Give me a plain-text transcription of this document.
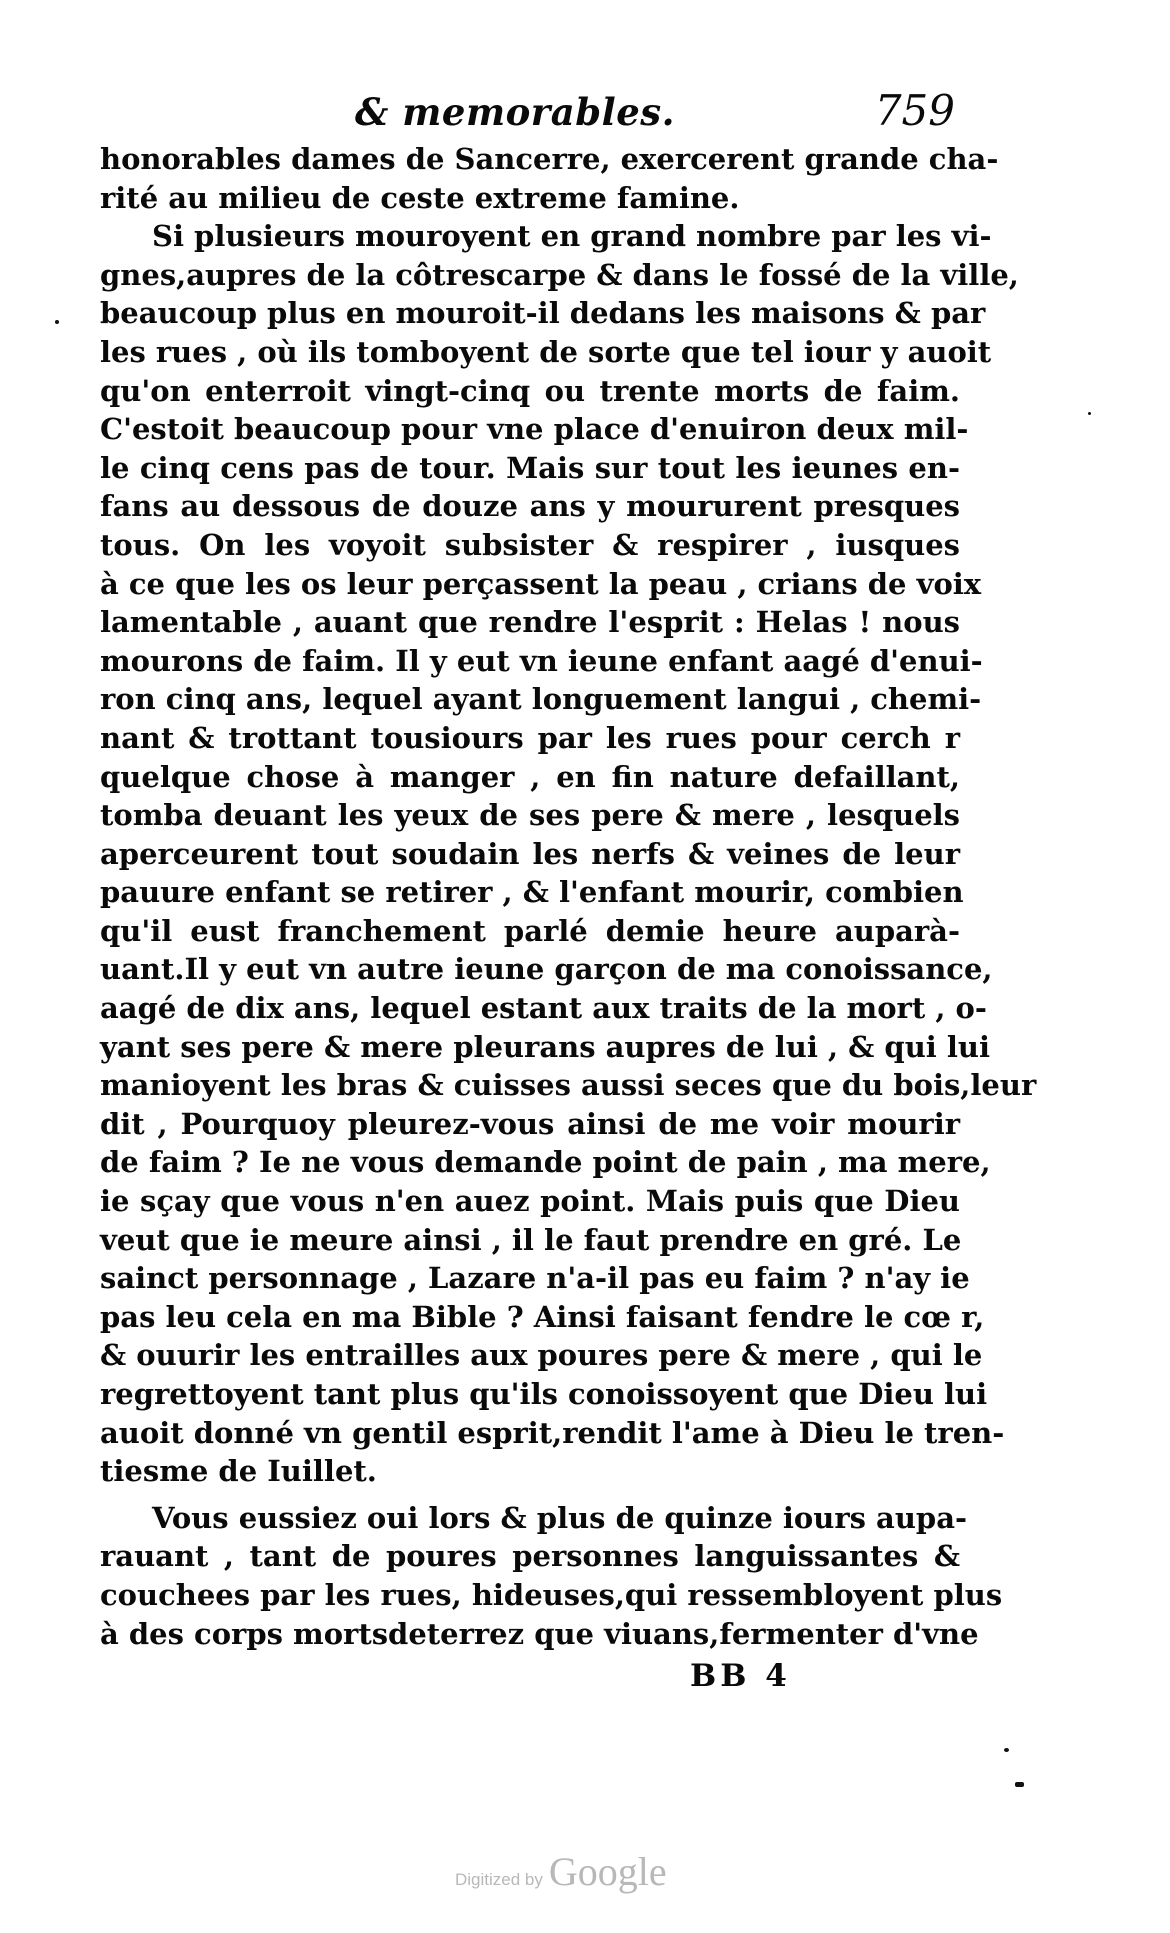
& memorables.	759
honorables dames de Sancerre, exercerent grande cha-
rité au milieu de ceste extreme famine.
Si plusieurs mouroyent en grand nombre par les vi-
gnes,aupres de la côtrescarpe & dans le fossé de la ville,
beaucoup plus en mouroit-il dedans les maisons & par
les rues , où ils tomboyent de sorte que tel iour y auoit
qu'on enterroit vingt-cinq ou trente morts de faim.
C'estoit beaucoup pour vne place d'enuiron deux mil-
le cinq cens pas de tour. Mais sur tout les ieunes en-
fans au dessous de douze ans y moururent presques
tous. On les voyoit subsister & respirer , iusques
à ce que les os leur perçassent la peau , crians de voix
lamentable , auant que rendre l'esprit : Helas ! nous
mourons de faim. Il y eut vn ieune enfant aagé d'enui-
ron cinq ans, lequel ayant longuement langui , chemi-
nant & trottant tousiours par les rues pour cerch r
quelque chose à manger , en fin nature defaillant,
tomba deuant les yeux de ses pere & mere , lesquels
aperceurent tout soudain les nerfs & veines de leur
pauure enfant se retirer , & l'enfant mourir, combien
qu'il eust franchement parlé demie heure auparà-
uant.Il y eut vn autre ieune garçon de ma conoissance,
aagé de dix ans, lequel estant aux traits de la mort , o-
yant ses pere & mere pleurans aupres de lui , & qui lui
manioyent les bras & cuisses aussi seces que du bois,leur
dit , Pourquoy pleurez-vous ainsi de me voir mourir
de faim ? Ie ne vous demande point de pain , ma mere,
ie sçay que vous n'en auez point. Mais puis que Dieu
veut que ie meure ainsi , il le faut prendre en gré. Le
sainct personnage , Lazare n'a-il pas eu faim ? n'ay ie
pas leu cela en ma Bible ? Ainsi faisant fendre le cœ r,
& ouurir les entrailles aux poures pere & mere , qui le
regrettoyent tant plus qu'ils conoissoyent que Dieu lui
auoit donné vn gentil esprit,rendit l'ame à Dieu le tren-
tiesme de Iuillet.
Vous eussiez oui lors & plus de quinze iours aupa-
rauant , tant de poures personnes languissantes &
couchees par les rues, hideuses,qui ressembloyent plus
à des corps mortsdeterrez que viuans,fermenter d'vne
BB 4
Digitized by Google
